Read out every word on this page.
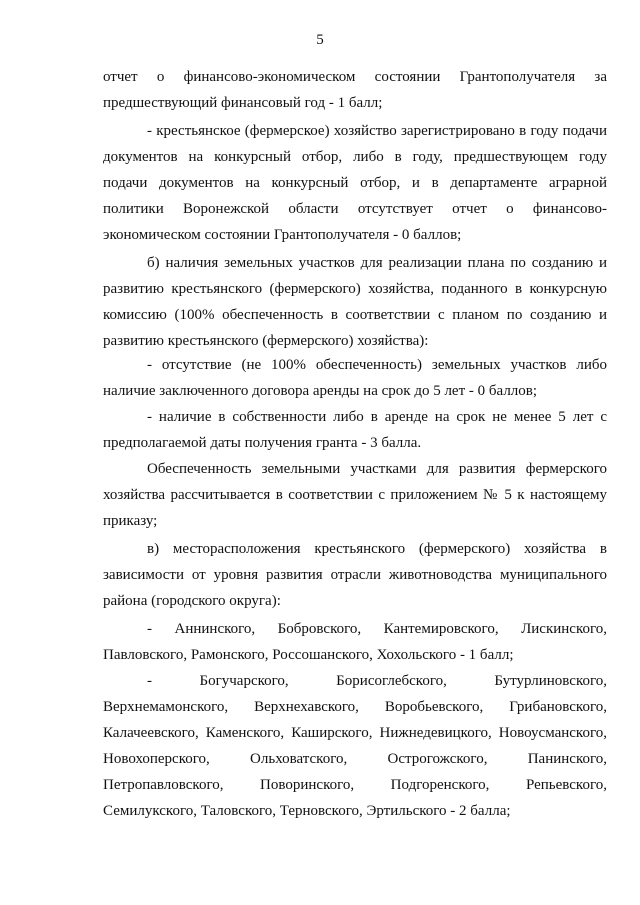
5
отчет о финансово-экономическом состоянии Грантополучателя за
предшествующий финансовый год - 1 балл;
- крестьянское (фермерское) хозяйство зарегистрировано в году подачи
документов на конкурсный отбор, либо в году, предшествующем году
подачи документов на конкурсный отбор, и в департаменте аграрной
политики Воронежской области отсутствует отчет о финансово-
экономическом состоянии Грантополучателя - 0 баллов;
б) наличия земельных участков для реализации плана по созданию и
развитию крестьянского (фермерского) хозяйства, поданного в конкурсную
комиссию (100% обеспеченность в соответствии с планом по созданию и
развитию крестьянского (фермерского) хозяйства):
- отсутствие (не 100% обеспеченность) земельных участков либо
наличие заключенного договора аренды на срок до 5 лет - 0 баллов;
- наличие в собственности либо в аренде на срок не менее 5 лет с
предполагаемой даты получения гранта - 3 балла.
Обеспеченность земельными участками для развития фермерского
хозяйства рассчитывается в соответствии с приложением № 5 к настоящему
приказу;
в) месторасположения крестьянского (фермерского) хозяйства в
зависимости от уровня развития отрасли животноводства муниципального
района (городского округа):
- Аннинского, Бобровского, Кантемировского, Лискинского,
Павловского, Рамонского, Россошанского, Хохольского - 1 балл;
- Богучарского, Борисоглебского, Бутурлиновского,
Верхнемамонского, Верхнехавского, Воробьевского, Грибановского,
Калачеевского, Каменского, Каширского, Нижнедевицкого, Новоусманского,
Новохоперского, Ольховатского, Острогожского, Панинского,
Петропавловского, Поворинского, Подгоренского, Репьевского,
Семилукского, Таловского, Терновского, Эртильского - 2 балла;
